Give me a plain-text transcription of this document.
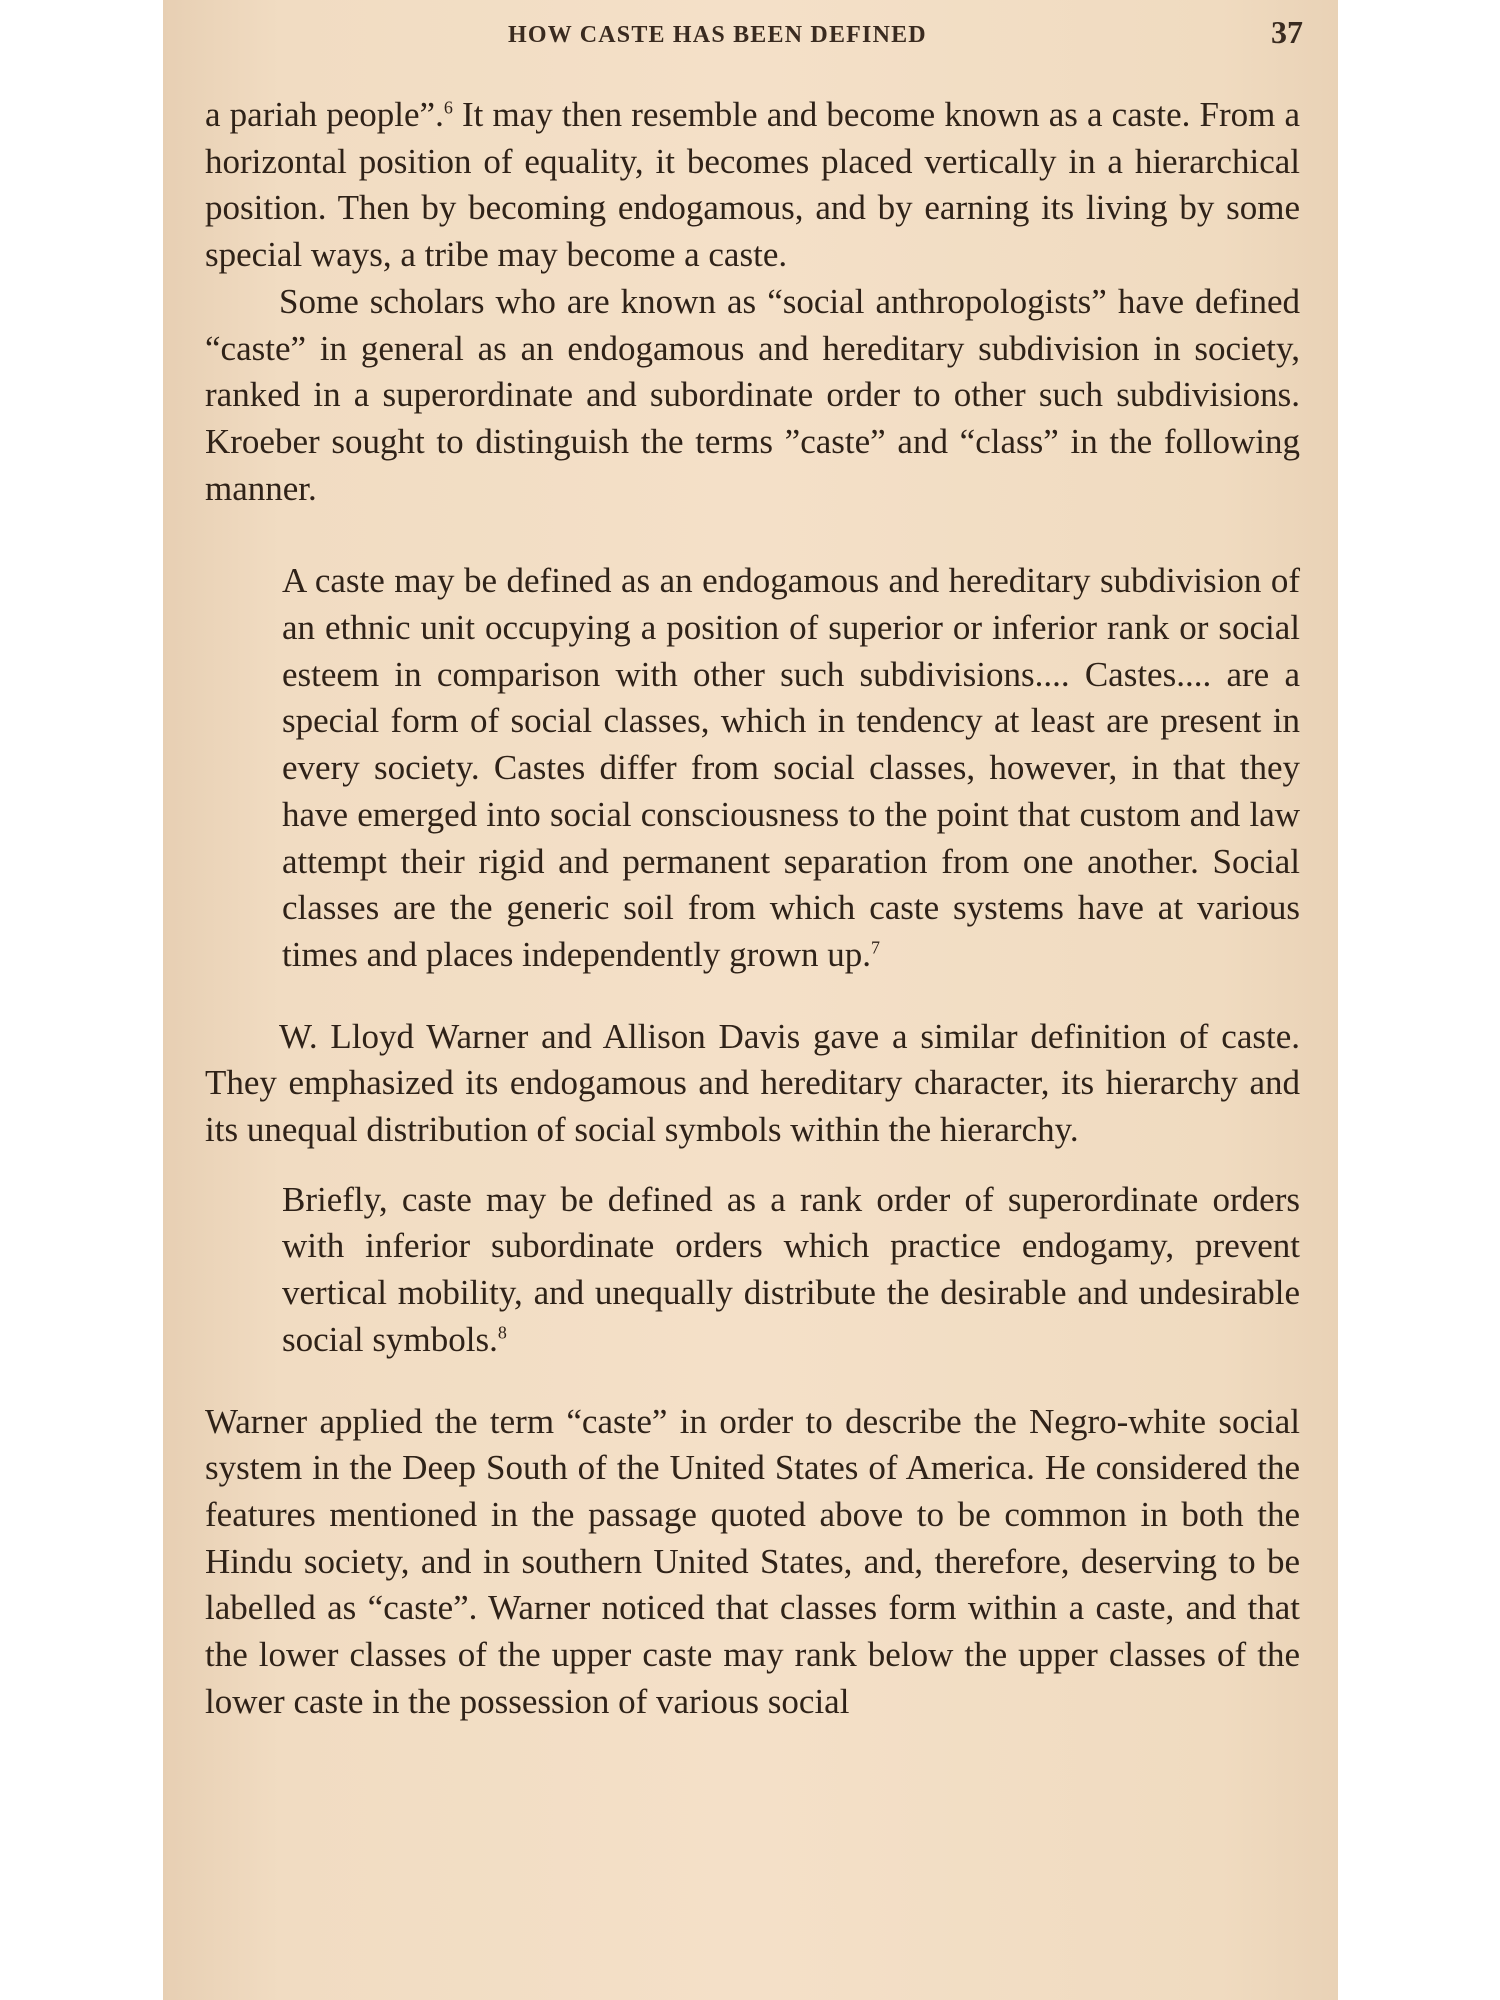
HOW CASTE HAS BEEN DEFINED	37

a pariah people”.$^6$ It may then resemble and become known as a caste. From a horizontal position of equality, it becomes placed vertically in a hierarchical position. Then by becoming endogamous, and by earning its living by some special ways, a tribe may become a caste.

Some scholars who are known as “social anthropologists” have defined “caste” in general as an endogamous and hereditary subdivision in society, ranked in a superordinate and subordinate order to other such subdivisions. Kroeber sought to distinguish the terms ”caste” and “class” in the following manner.

A caste may be defined as an endogamous and hereditary subdivision of an ethnic unit occupying a position of superior or inferior rank or social esteem in comparison with other such subdivisions.... Castes.... are a special form of social classes, which in tendency at least are present in every society. Castes differ from social classes, however, in that they have emerged into social consciousness to the point that custom and law attempt their rigid and permanent separation from one another. Social classes are the generic soil from which caste systems have at various times and places independently grown up.$^7$

W. Lloyd Warner and Allison Davis gave a similar definition of caste. They emphasized its endogamous and hereditary character, its hierarchy and its unequal distribution of social symbols within the hierarchy.

Briefly, caste may be defined as a rank order of superordinate orders with inferior subordinate orders which practice endogamy, prevent vertical mobility, and unequally distribute the desirable and undesirable social symbols.$^8$

Warner applied the term “caste” in order to describe the Negro-white social system in the Deep South of the United States of America. He considered the features mentioned in the passage quoted above to be common in both the Hindu society, and in southern United States, and, therefore, deserving to be labelled as “caste”. Warner noticed that classes form within a caste, and that the lower classes of the upper caste may rank below the upper classes of the lower caste in the possession of various social
